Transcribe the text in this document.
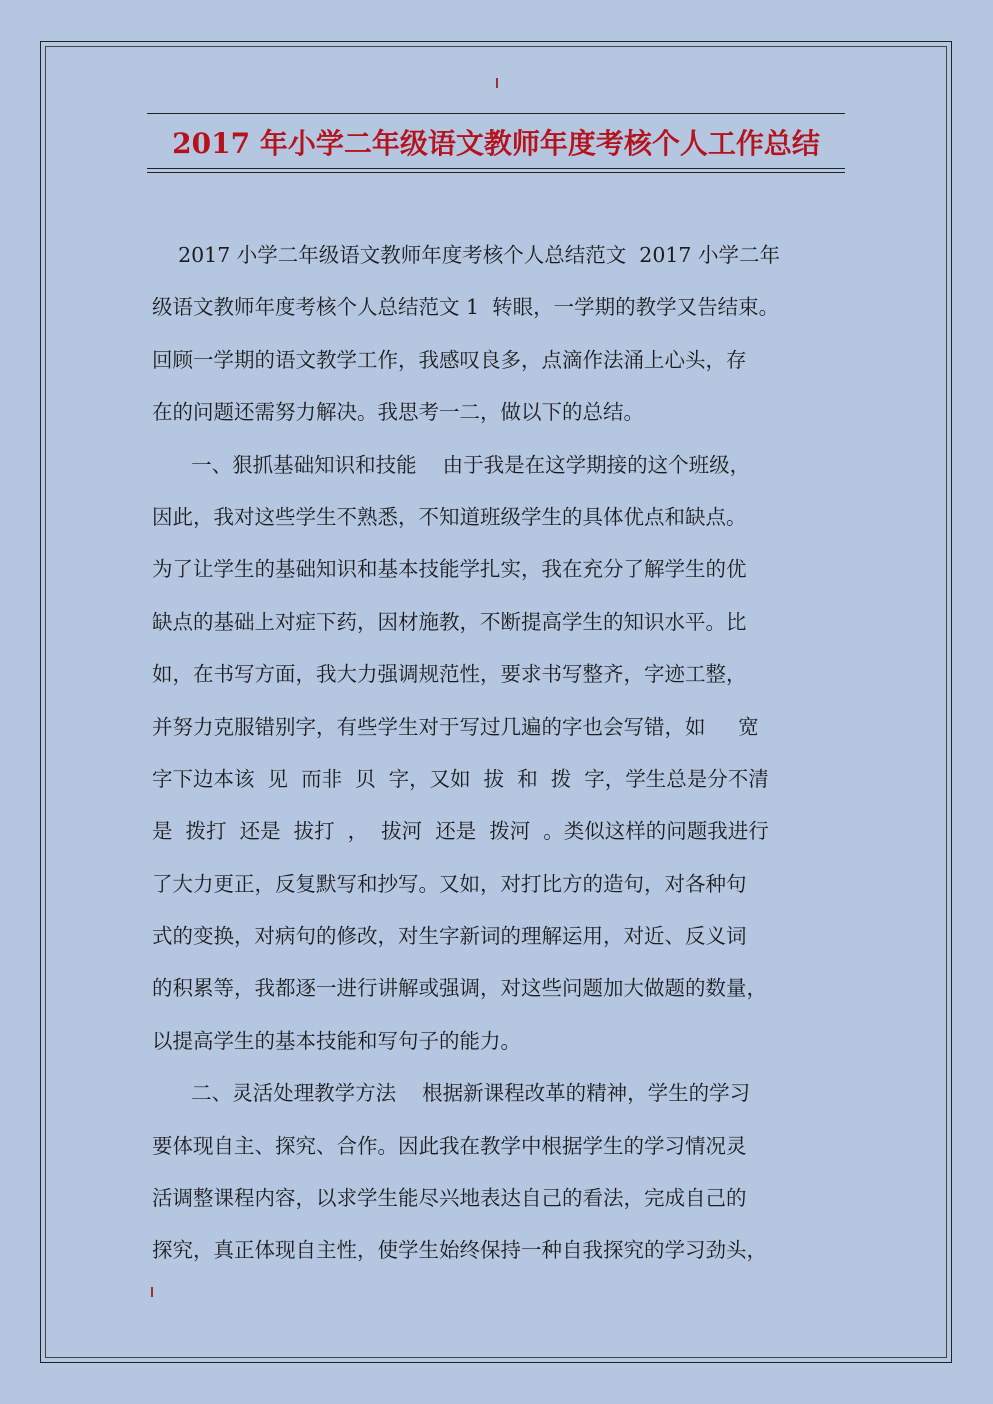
2017 年小学二年级语文教师年度考核个人工作总结
2017 小学二年级语文教师年度考核个人总结范文  2017 小学二年
级语文教师年度考核个人总结范文 1  转眼，一学期的教学又告结束。
回顾一学期的语文教学工作，我感叹良多，点滴作法涌上心头，存
在的问题还需努力解决。我思考一二，做以下的总结。
一、狠抓基础知识和技能    由于我是在这学期接的这个班级，
因此，我对这些学生不熟悉，不知道班级学生的具体优点和缺点。
为了让学生的基础知识和基本技能学扎实，我在充分了解学生的优
缺点的基础上对症下药，因材施教，不断提高学生的知识水平。比
如，在书写方面，我大力强调规范性，要求书写整齐，字迹工整，
并努力克服错别字，有些学生对于写过几遍的字也会写错，如     宽
字下边本该  见  而非  贝  字，又如  拔  和  拨  字，学生总是分不清
是  拨打  还是  拔打  ，  拔河  还是  拨河  。类似这样的问题我进行
了大力更正，反复默写和抄写。又如，对打比方的造句，对各种句
式的变换，对病句的修改，对生字新词的理解运用，对近、反义词
的积累等，我都逐一进行讲解或强调，对这些问题加大做题的数量，
以提高学生的基本技能和写句子的能力。
二、灵活处理教学方法    根据新课程改革的精神，学生的学习
要体现自主、探究、合作。因此我在教学中根据学生的学习情况灵
活调整课程内容，以求学生能尽兴地表达自己的看法，完成自己的
探究，真正体现自主性，使学生始终保持一种自我探究的学习劲头，
